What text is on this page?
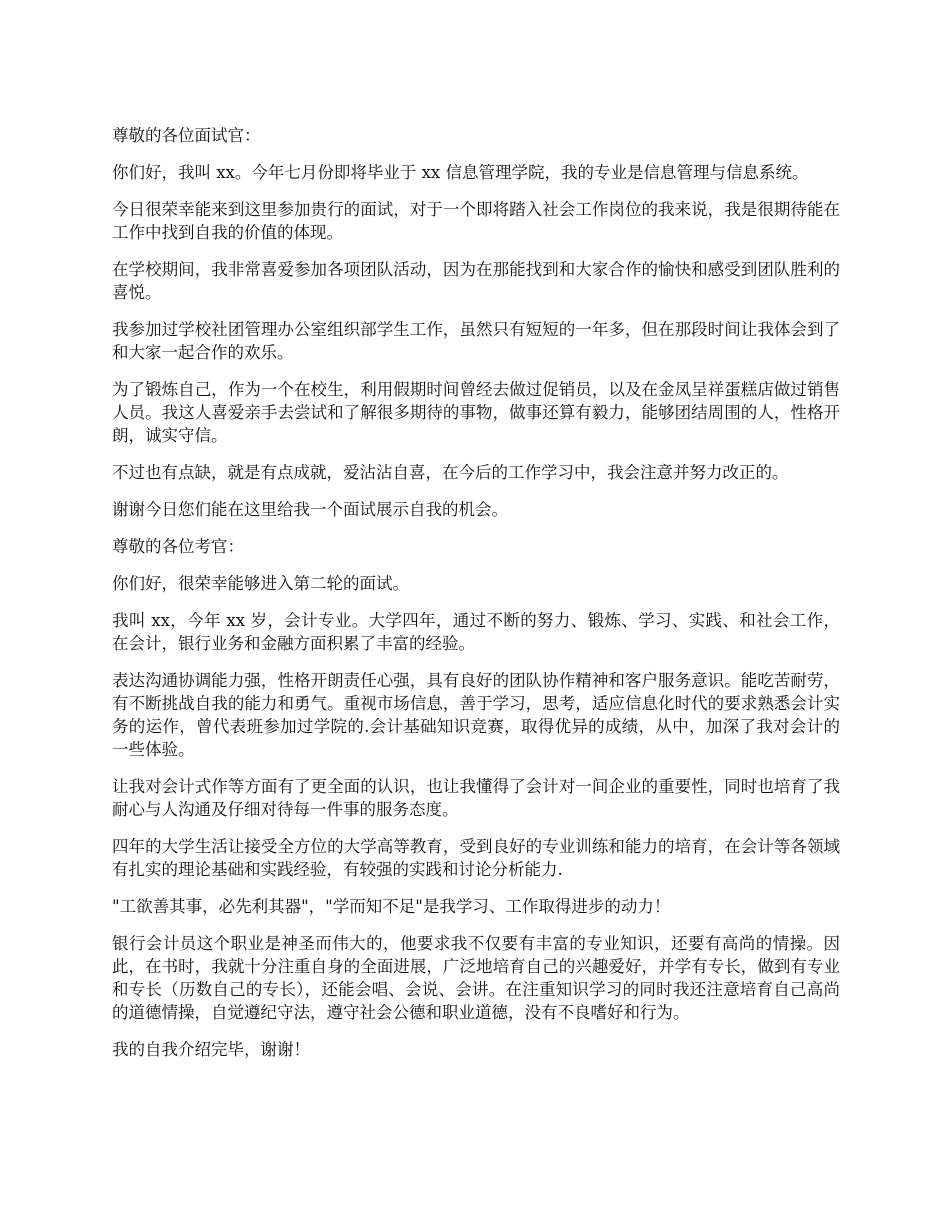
尊敬的各位面试官：

你们好，我叫 xx。今年七月份即将毕业于 xx 信息管理学院，我的专业是信息管理与信息系统。

今日很荣幸能来到这里参加贵行的面试，对于一个即将踏入社会工作岗位的我来说，我是很期待能在工作中找到自我的价值的体现。

在学校期间，我非常喜爱参加各项团队活动，因为在那能找到和大家合作的愉快和感受到团队胜利的喜悦。

我参加过学校社团管理办公室组织部学生工作，虽然只有短短的一年多，但在那段时间让我体会到了和大家一起合作的欢乐。

为了锻炼自己，作为一个在校生，利用假期时间曾经去做过促销员，以及在金凤呈祥蛋糕店做过销售人员。我这人喜爱亲手去尝试和了解很多期待的事物，做事还算有毅力，能够团结周围的人，性格开朗，诚实守信。

不过也有点缺，就是有点成就，爱沾沾自喜，在今后的工作学习中，我会注意并努力改正的。

谢谢今日您们能在这里给我一个面试展示自我的机会。

尊敬的各位考官：

你们好，很荣幸能够进入第二轮的面试。

我叫 xx，今年 xx 岁，会计专业。大学四年，通过不断的努力、锻炼、学习、实践、和社会工作，在会计，银行业务和金融方面积累了丰富的经验。

表达沟通协调能力强，性格开朗责任心强，具有良好的团队协作精神和客户服务意识。能吃苦耐劳，有不断挑战自我的能力和勇气。重视市场信息，善于学习，思考，适应信息化时代的要求熟悉会计实务的运作，曾代表班参加过学院的.会计基础知识竞赛，取得优异的成绩，从中，加深了我对会计的一些体验。

让我对会计式作等方面有了更全面的认识，也让我懂得了会计对一间企业的重要性，同时也培育了我耐心与人沟通及仔细对待每一件事的服务态度。

四年的大学生活让接受全方位的大学高等教育，受到良好的专业训练和能力的培育，在会计等各领域有扎实的理论基础和实践经验，有较强的实践和讨论分析能力.

"工欲善其事，必先利其器"，"学而知不足"是我学习、工作取得进步的动力！

银行会计员这个职业是神圣而伟大的，他要求我不仅要有丰富的专业知识，还要有高尚的情操。因此，在书时，我就十分注重自身的全面进展，广泛地培育自己的兴趣爱好，并学有专长，做到有专业和专长（历数自己的专长），还能会唱、会说、会讲。在注重知识学习的同时我还注意培育自己高尚的道德情操，自觉遵纪守法，遵守社会公德和职业道德，没有不良嗜好和行为。

我的自我介绍完毕，谢谢！
